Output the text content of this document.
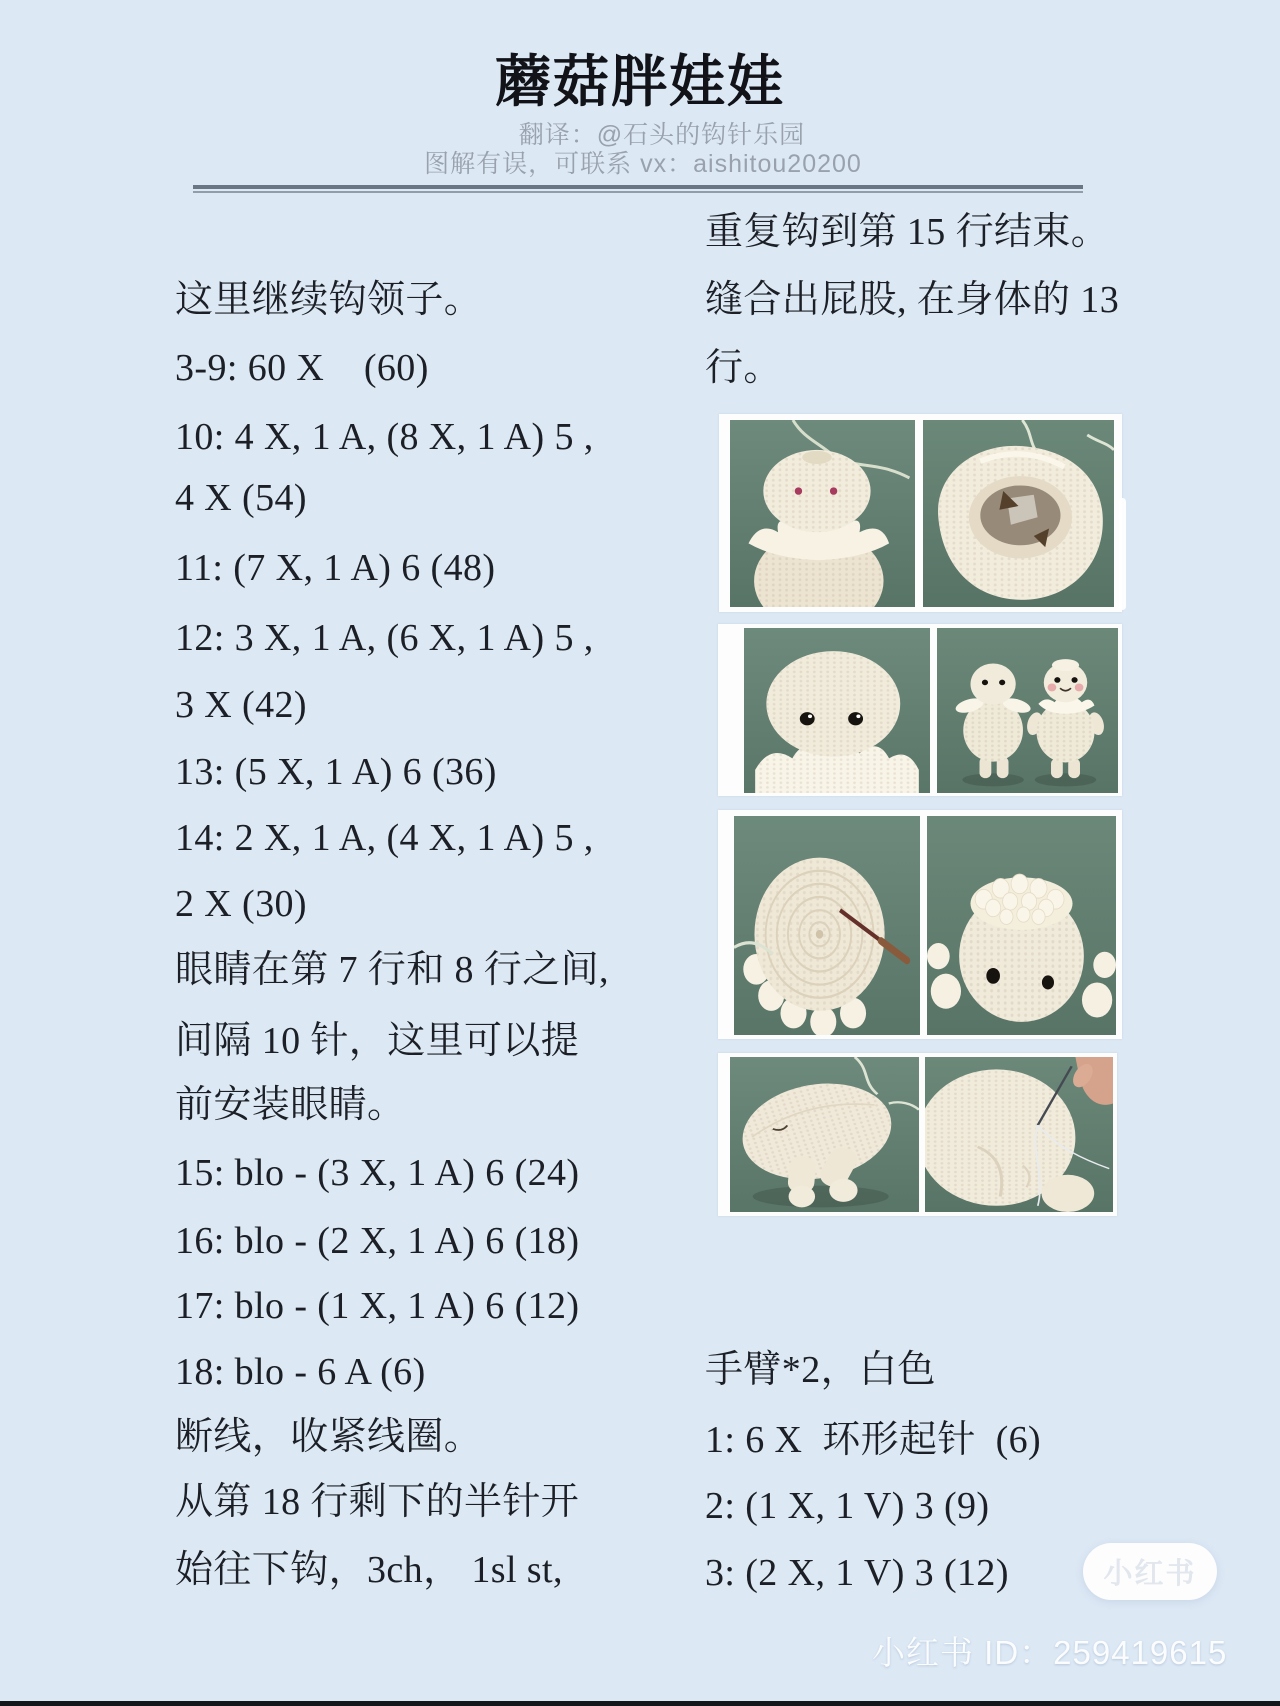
蘑菇胖娃娃
翻译：@石头的钩针乐园
图解有误，可联系 vx：aishitou20200
这里继续钩领子。
3-9: 60 X    (60)
10: 4 X, 1 A, (8 X, 1 A) 5 ,
4 X (54)
11: (7 X, 1 A) 6 (48)
12: 3 X, 1 A, (6 X, 1 A) 5 ,
3 X (42)
13: (5 X, 1 A) 6 (36)
14: 2 X, 1 A, (4 X, 1 A) 5 ,
2 X (30)
眼睛在第 7 行和 8 行之间,
间隔 10 针，这里可以提
前安装眼睛。
15: blo - (3 X, 1 A) 6 (24)
16: blo - (2 X, 1 A) 6 (18)
17: blo - (1 X, 1 A) 6 (12)
18: blo - 6 A (6)
断线，收紧线圈。
从第 18 行剩下的半针开
始往下钩，3ch， 1sl st,
重复钩到第 15 行结束。
缝合出屁股, 在身体的 13
行。
手臂*2，白色
1: 6 X  环形起针  (6)
2: (1 X, 1 V) 3 (9)
3: (2 X, 1 V) 3 (12)	小红书
小红书 ID：259419615
